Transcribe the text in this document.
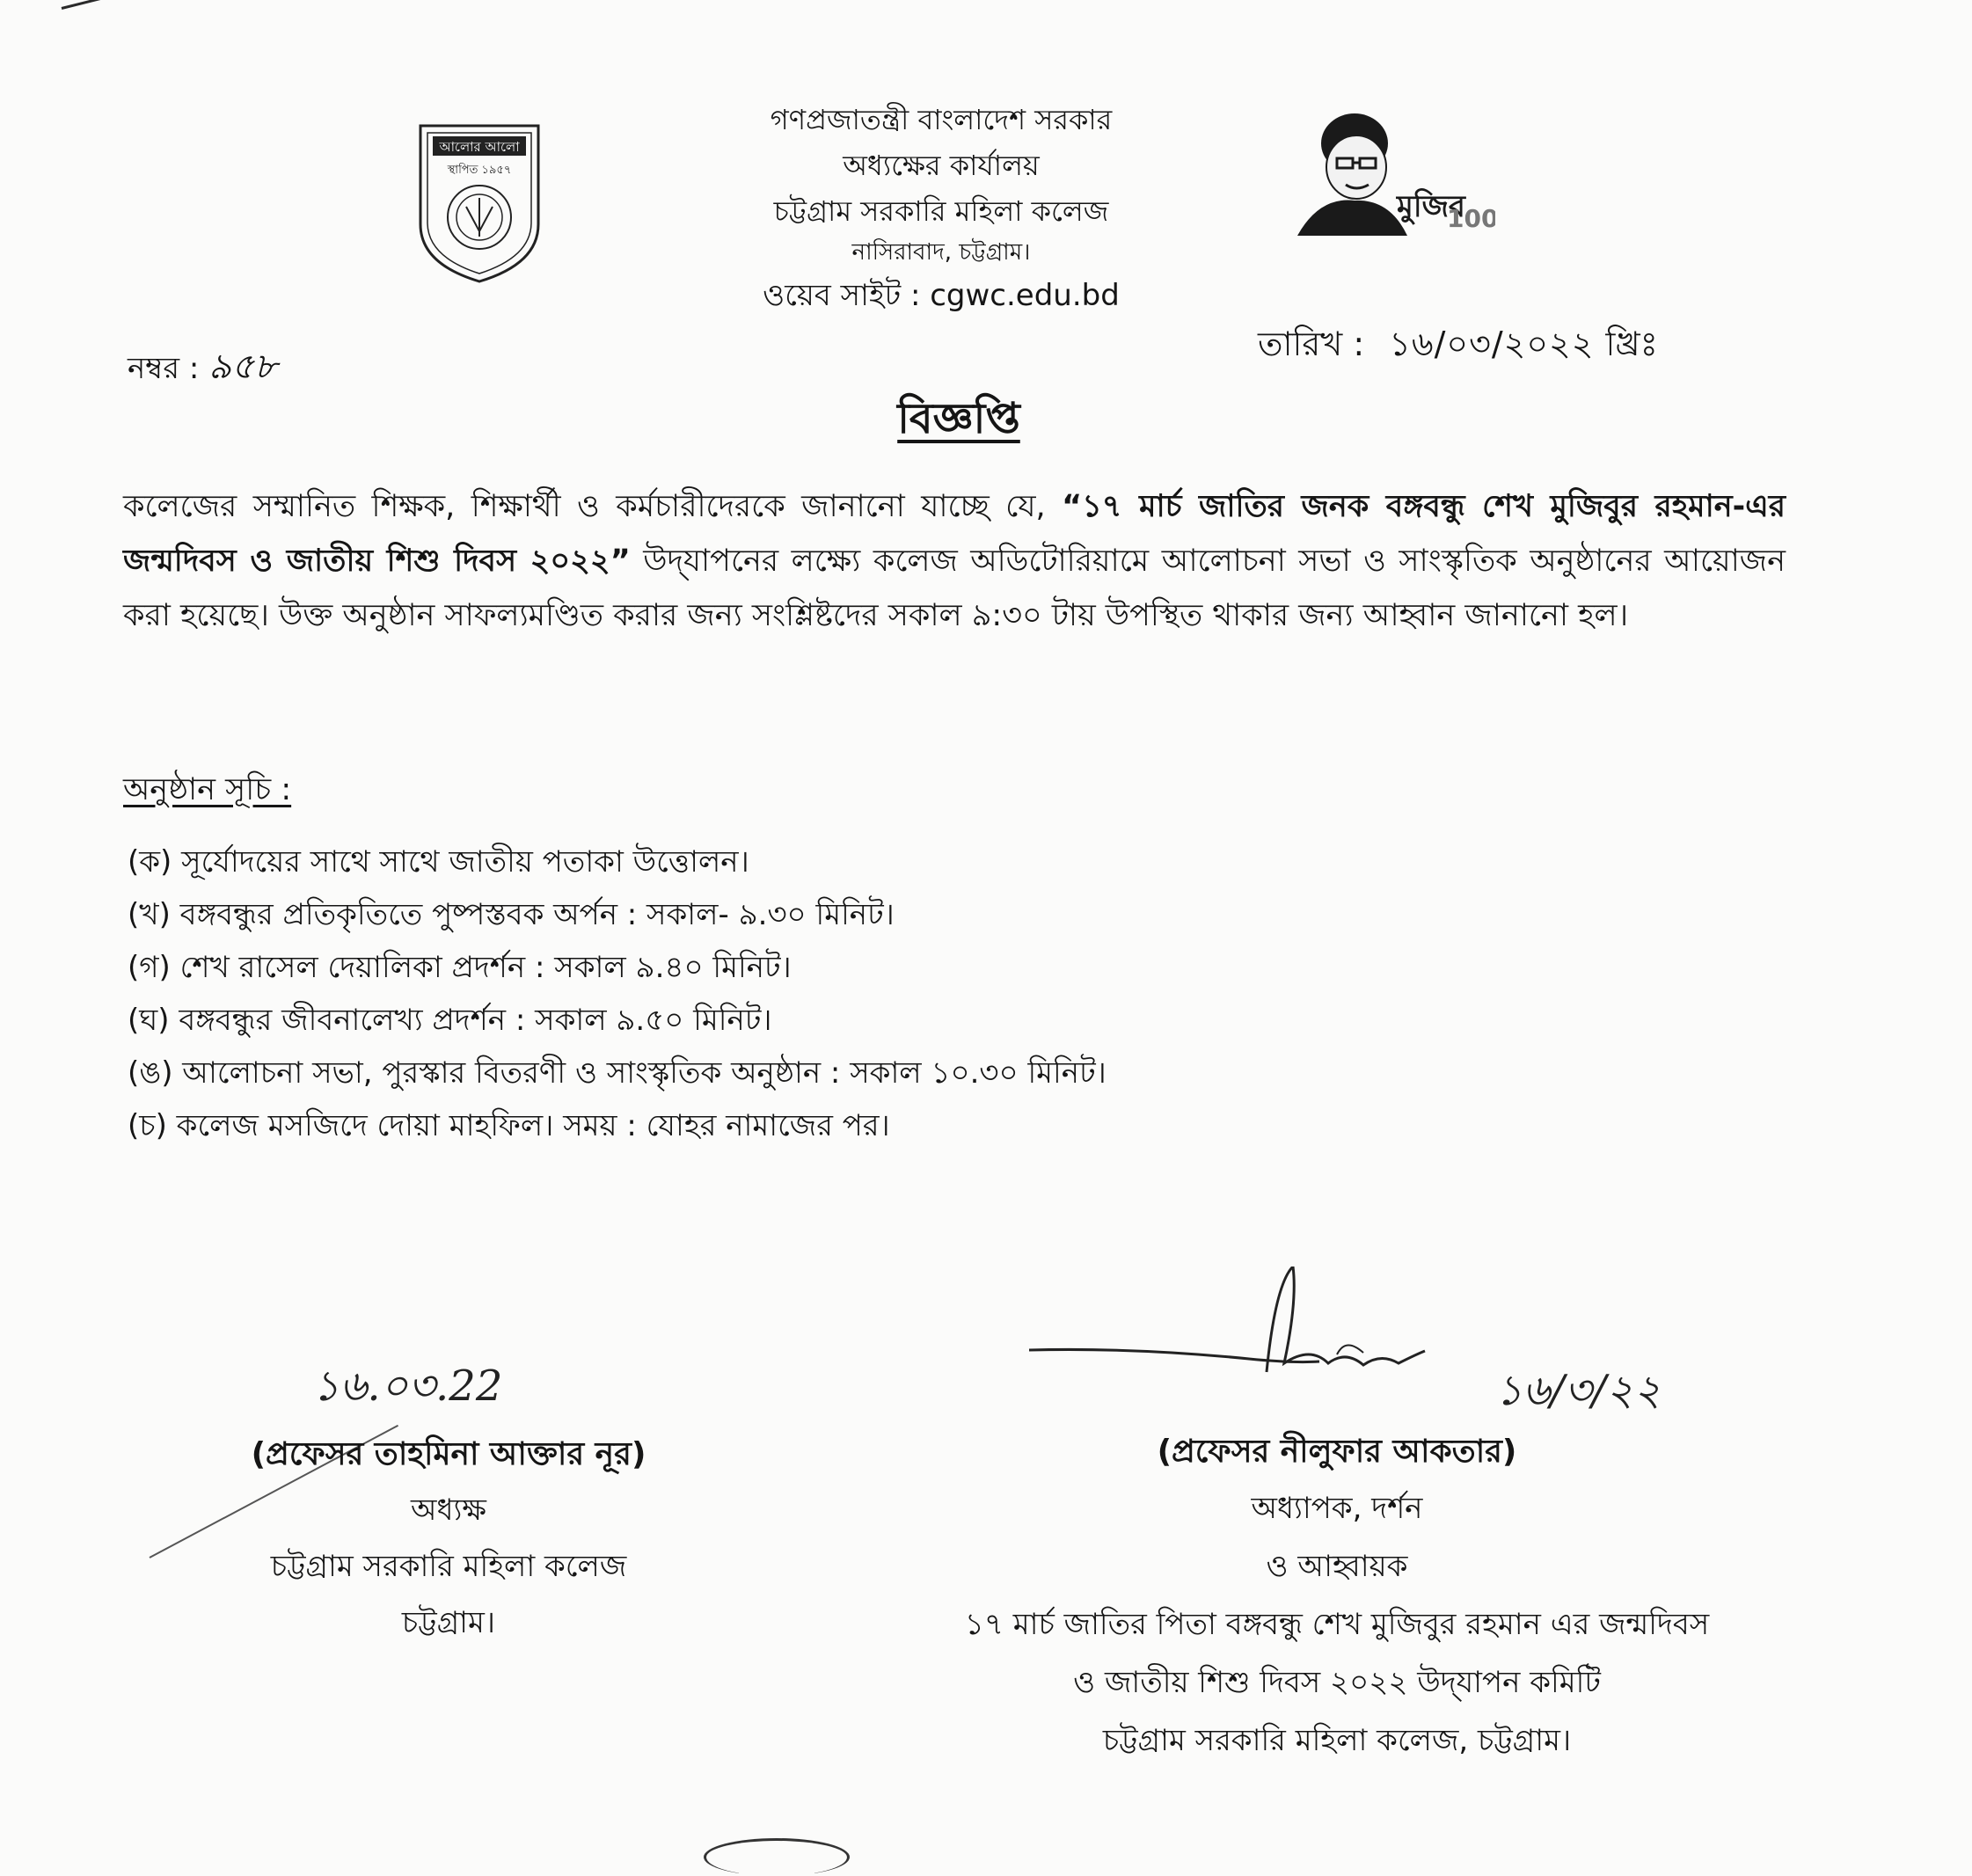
আলোর আলো
স্থাপিত ১৯৫৭
গণপ্রজাতন্ত্রী বাংলাদেশ সরকার
অধ্যক্ষের কার্যালয়
চট্টগ্রাম সরকারি মহিলা কলেজ
নাসিরাবাদ, চট্টগ্রাম।
ওয়েব সাইট : cgwc.edu.bd
মুজিব
100
নম্বর : ৯৫৮
তারিখ : ১৬/০৩/২০২২ খ্রিঃ
বিজ্ঞপ্তি
কলেজের সম্মানিত শিক্ষক, শিক্ষার্থী ও কর্মচারীদেরকে জানানো যাচ্ছে যে, “১৭ মার্চ জাতির জনক বঙ্গবন্ধু শেখ মুজিবুর রহমান-এর জন্মদিবস ও জাতীয় শিশু দিবস ২০২২” উদ্‌যাপনের লক্ষ্যে কলেজ অডিটোরিয়ামে আলোচনা সভা ও সাংস্কৃতিক অনুষ্ঠানের আয়োজন করা হয়েছে। উক্ত অনুষ্ঠান সাফল্যমণ্ডিত করার জন্য সংশ্লিষ্টদের সকাল ৯:৩০ টায় উপস্থিত থাকার জন্য আহ্বান জানানো হল।
অনুষ্ঠান সূচি :
(ক) সূর্যোদয়ের সাথে সাথে জাতীয় পতাকা উত্তোলন।
(খ) বঙ্গবন্ধুর প্রতিকৃতিতে পুষ্পস্তবক অর্পন : সকাল- ৯.৩০ মিনিট।
(গ) শেখ রাসেল দেয়ালিকা প্রদর্শন : সকাল ৯.৪০ মিনিট।
(ঘ) বঙ্গবন্ধুর জীবনালেখ্য প্রদর্শন : সকাল ৯.৫০ মিনিট।
(ঙ) আলোচনা সভা, পুরস্কার বিতরণী ও সাংস্কৃতিক অনুষ্ঠান : সকাল ১০.৩০ মিনিট।
(চ) কলেজ মসজিদে দোয়া মাহফিল। সময় : যোহর নামাজের পর।
১৬.০৩.22	১৬/৩/২২
(প্রফেসর তাহমিনা আক্তার নূর)
অধ্যক্ষ
চট্টগ্রাম সরকারি মহিলা কলেজ
চট্টগ্রাম।
(প্রফেসর নীলুফার আকতার)
অধ্যাপক, দর্শন
ও আহ্বায়ক
১৭ মার্চ জাতির পিতা বঙ্গবন্ধু শেখ মুজিবুর রহমান এর জন্মদিবস
ও জাতীয় শিশু দিবস ২০২২ উদ্‌যাপন কমিটি
চট্টগ্রাম সরকারি মহিলা কলেজ, চট্টগ্রাম।
